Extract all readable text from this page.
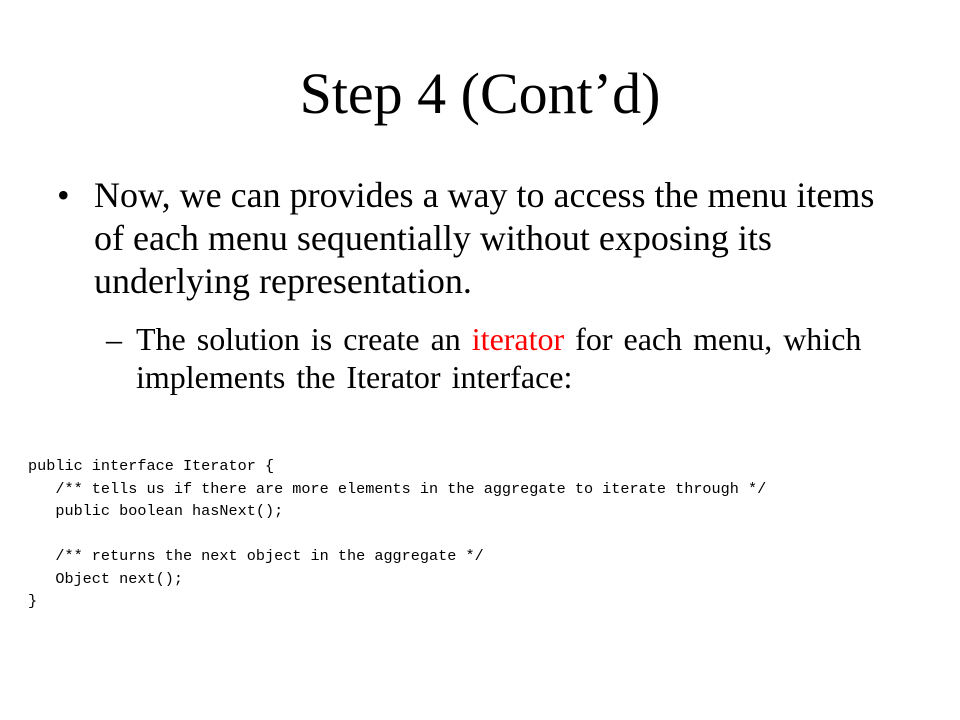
Step 4 (Cont’d)
• Now, we can provides a way to access the menu items of each menu sequentially without exposing its underlying representation.
– The solution is create an iterator for each menu, which implements the Iterator interface:
public interface Iterator {
/** tells us if there are more elements in the aggregate to iterate through */
public boolean hasNext();
/** returns the next object in the aggregate */
Object next();
}
